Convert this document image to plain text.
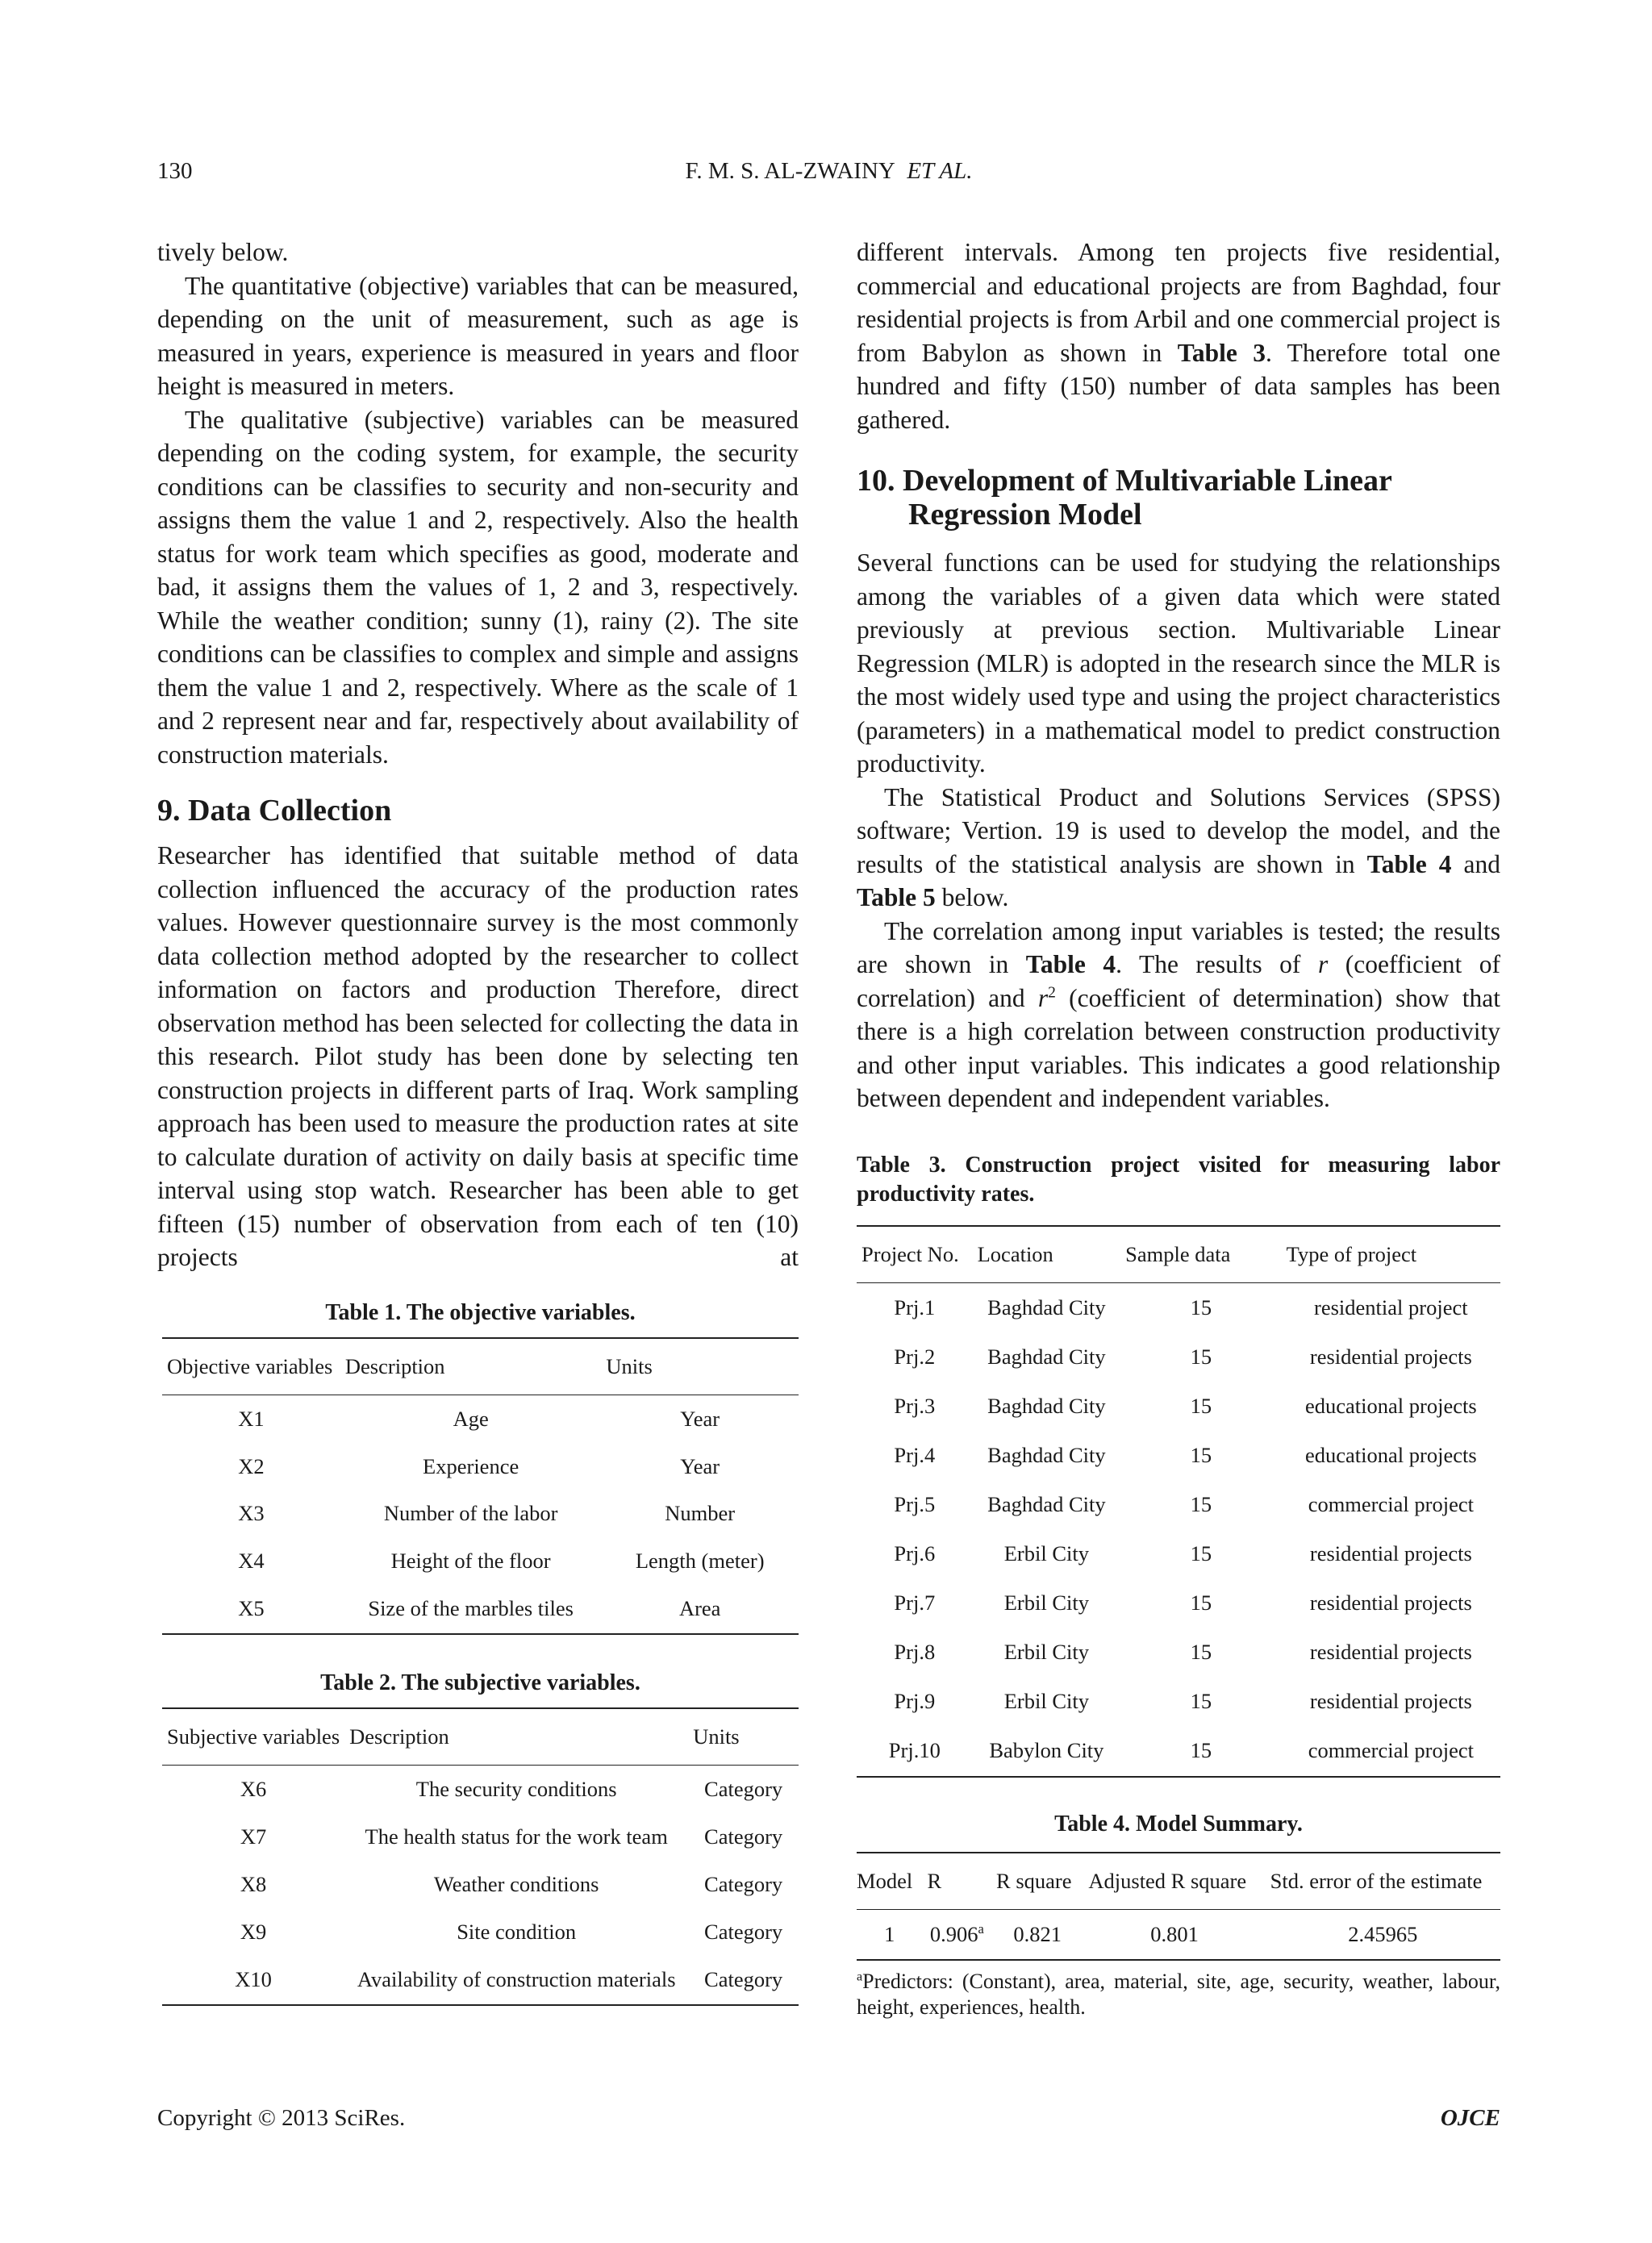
130	F. M. S. AL-ZWAINY ET AL.

tively below.

The quantitative (objective) variables that can be measured, depending on the unit of measurement, such as age is measured in years, experience is measured in years and floor height is measured in meters.

The qualitative (subjective) variables can be measured depending on the coding system, for example, the security conditions can be classifies to security and non-security and assigns them the value 1 and 2, respectively. Also the health status for work team which specifies as good, moderate and bad, it assigns them the values of 1, 2 and 3, respectively. While the weather condition; sunny (1), rainy (2). The site conditions can be classifies to complex and simple and assigns them the value 1 and 2, respectively. Where as the scale of 1 and 2 represent near and far, respectively about availability of construction materials.

9. Data Collection

Researcher has identified that suitable method of data collection influenced the accuracy of the production rates values. However questionnaire survey is the most commonly data collection method adopted by the researcher to collect information on factors and production Therefore, direct observation method has been selected for collecting the data in this research. Pilot study has been done by selecting ten construction projects in different parts of Iraq. Work sampling approach has been used to measure the production rates at site to calculate duration of activity on daily basis at specific time interval using stop watch. Researcher has been able to get fifteen (15) number of observation from each of ten (10) projects at

Table 1. The objective variables.
Objective variables	Description	Units
X1	Age	Year
X2	Experience	Year
X3	Number of the labor	Number
X4	Height of the floor	Length (meter)
X5	Size of the marbles tiles	Area
Table 2. The subjective variables.
Subjective variables	Description	Units
X6	The security conditions	Category
X7	The health status for the work team	Category
X8	Weather conditions	Category
X9	Site condition	Category
X10	Availability of construction materials	Category

different intervals. Among ten projects five residential, commercial and educational projects are from Baghdad, four residential projects is from Arbil and one commercial project is from Babylon as shown in Table 3. Therefore total one hundred and fifty (150) number of data samples has been gathered.

10. Development of Multivariable Linear Regression Model

Several functions can be used for studying the relationships among the variables of a given data which were stated previously at previous section. Multivariable Linear Regression (MLR) is adopted in the research since the MLR is the most widely used type and using the project characteristics (parameters) in a mathematical model to predict construction productivity.

The Statistical Product and Solutions Services (SPSS) software; Vertion. 19 is used to develop the model, and the results of the statistical analysis are shown in Table 4 and Table 5 below.

The correlation among input variables is tested; the results are shown in Table 4. The results of r (coefficient of correlation) and $r^2$ (coefficient of determination) show that there is a high correlation between construction productivity and other input variables. This indicates a good relationship between dependent and independent variables.

Table 3. Construction project visited for measuring labor productivity rates.
Project No.	Location	Sample data	Type of project
Prj.1	Baghdad City	15	residential project
Prj.2	Baghdad City	15	residential projects
Prj.3	Baghdad City	15	educational projects
Prj.4	Baghdad City	15	educational projects
Prj.5	Baghdad City	15	commercial project
Prj.6	Erbil City	15	residential projects
Prj.7	Erbil City	15	residential projects
Prj.8	Erbil City	15	residential projects
Prj.9	Erbil City	15	residential projects
Prj.10	Babylon City	15	commercial project
Table 4. Model Summary.
Model	R	R square	Adjusted R square	Std. error of the estimate
1	0.906$^a$	0.821	0.801	2.45965
$^a$Predictors: (Constant), area, material, site, age, security, weather, labour, height, experiences, health.
Copyright © 2013 SciRes.	OJCE
